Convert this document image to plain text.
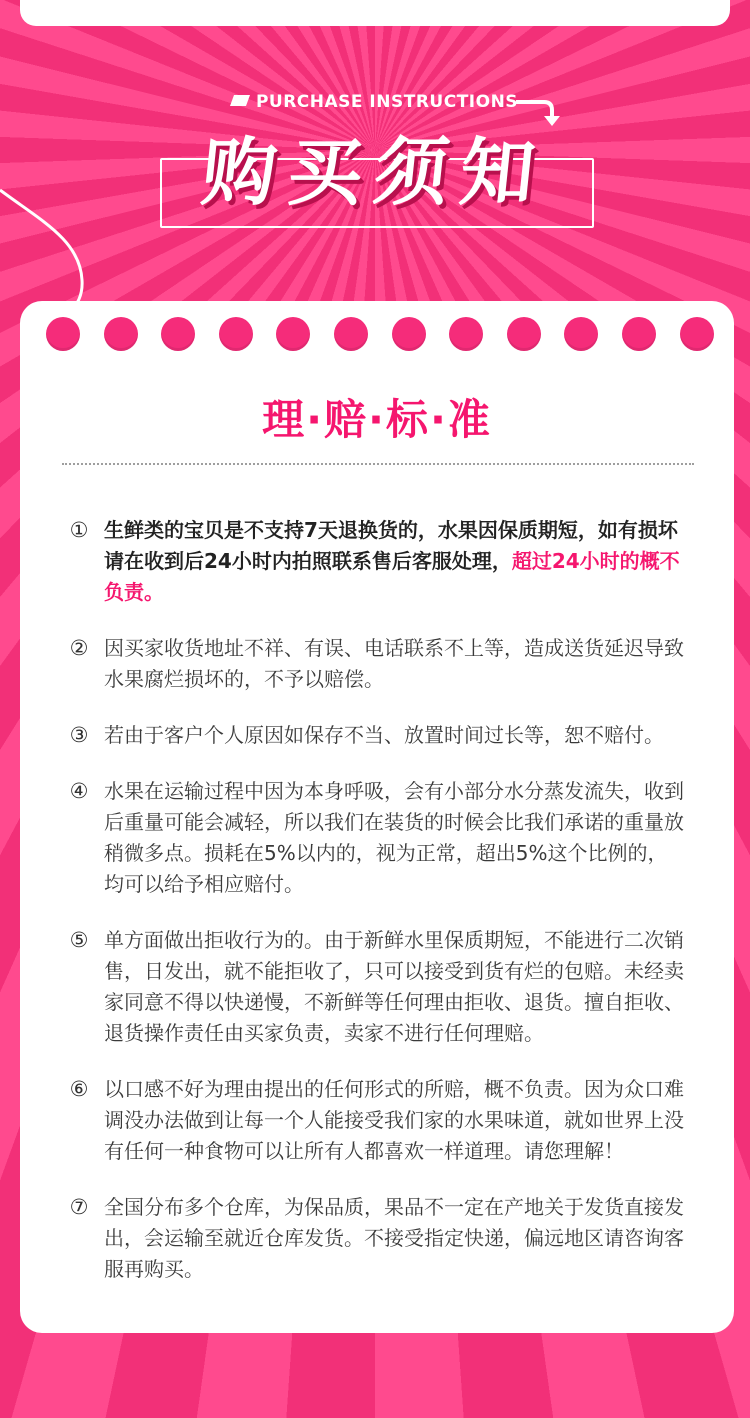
PURCHASE INSTRUCTIONS
购买须知
理·赔·标·准
① 生鲜类的宝贝是不支持7天退换货的，水果因保质期短，如有损坏请在收到后24小时内拍照联系售后客服处理，超过24小时的概不负责。
② 因买家收货地址不祥、有误、电话联系不上等，造成送货延迟导致水果腐烂损坏的，不予以赔偿。
③ 若由于客户个人原因如保存不当、放置时间过长等，恕不赔付。
④ 水果在运输过程中因为本身呼吸，会有小部分水分蒸发流失，收到后重量可能会减轻，所以我们在装货的时候会比我们承诺的重量放稍微多点。损耗在5%以内的，视为正常，超出5%这个比例的，均可以给予相应赔付。
⑤ 单方面做出拒收行为的。由于新鲜水里保质期短，不能进行二次销售，日发出，就不能拒收了，只可以接受到货有烂的包赔。未经卖家同意不得以快递慢，不新鲜等任何理由拒收、退货。擅自拒收、退货操作责任由买家负责，卖家不进行任何理赔。
⑥ 以口感不好为理由提出的任何形式的所赔，概不负责。因为众口难调没办法做到让每一个人能接受我们家的水果味道，就如世界上没有任何一种食物可以让所有人都喜欢一样道理。请您理解！
⑦ 全国分布多个仓库，为保品质，果品不一定在产地关于发货直接发出，会运输至就近仓库发货。不接受指定快递，偏远地区请咨询客服再购买。
